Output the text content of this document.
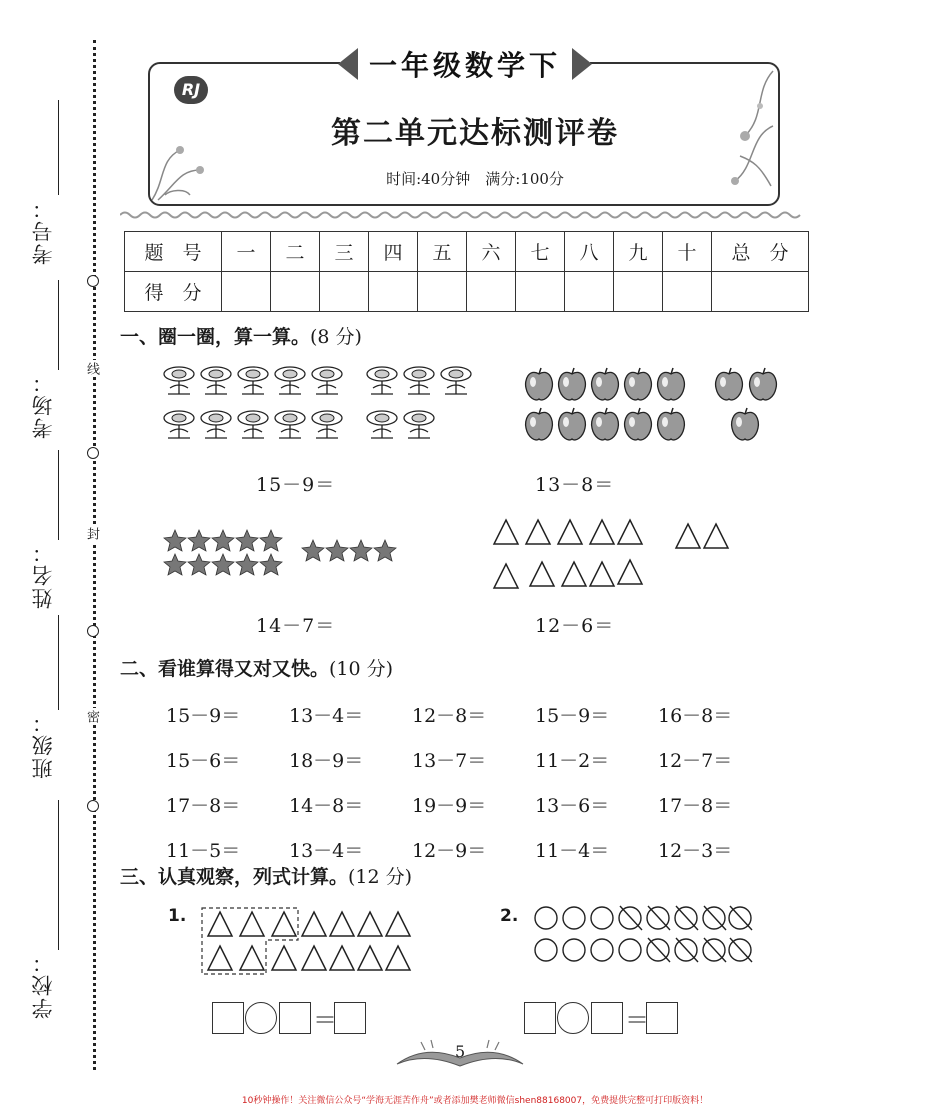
考号：
考场：
姓名：
班级：
学校：
线
封
密
一年级数学下
RJ版	第二单元达标测评卷
时间:40分钟　满分:100分
题　号	一	二	三	四	五	六	七	八	九	十	总　分
得　分											
一、圈一圈，算一算。(8 分)
15－9＝	13－8＝
14－7＝	12－6＝
二、看谁算得又对又快。(10 分)
15－9＝	13－4＝	12－8＝	15－9＝	16－8＝
15－6＝	18－9＝	13－7＝	11－2＝	12－7＝
17－8＝	14－8＝	19－9＝	13－6＝	17－8＝
11－5＝	13－4＝	12－9＝	11－4＝	12－3＝
三、认真观察，列式计算。(12 分)
1.	2.
＝	＝
5
10秒钟操作！关注微信公众号“学海无涯苦作舟”或者添加樊老师微信shen88168007，免费提供完整可打印版资料！
